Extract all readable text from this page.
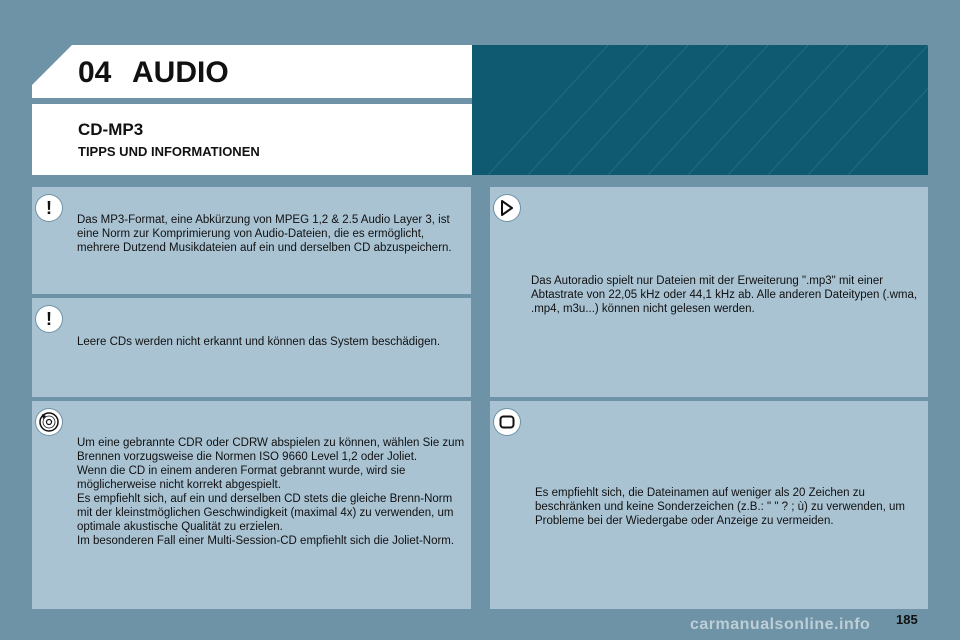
04 AUDIO
CD-MP3
TIPPS UND INFORMATIONEN
!

Das MP3-Format, eine Abkürzung von MPEG 1,2 & 2.5 Audio Layer 3, ist eine Norm zur Komprimierung von Audio-Dateien, die es ermöglicht, mehrere Dutzend Musikdateien auf ein und derselben CD abzuspeichern.

!

Leere CDs werden nicht erkannt und können das System beschädigen.

Um eine gebrannte CDR oder CDRW abspielen zu können, wählen Sie zum Brennen vorzugsweise die Normen ISO 9660 Level 1,2 oder Joliet.
Wenn die CD in einem anderen Format gebrannt wurde, wird sie möglicherweise nicht korrekt abgespielt.
Es empfiehlt sich, auf ein und derselben CD stets die gleiche Brenn-Norm mit der kleinstmöglichen Geschwindigkeit (maximal 4x) zu verwenden, um optimale akustische Qualität zu erzielen.
Im besonderen Fall einer Multi-Session-CD empfiehlt sich die Joliet-Norm.

Das Autoradio spielt nur Dateien mit der Erweiterung ".mp3" mit einer Abtastrate von 22,05 kHz oder 44,1 kHz ab. Alle anderen Dateitypen (.wma, .mp4, m3u...) können nicht gelesen werden.

Es empfiehlt sich, die Dateinamen auf weniger als 20 Zeichen zu beschränken und keine Sonderzeichen (z.B.: " " ? ; ù) zu verwenden, um Probleme bei der Wiedergabe oder Anzeige zu vermeiden.

carmanualsonline.info 185
